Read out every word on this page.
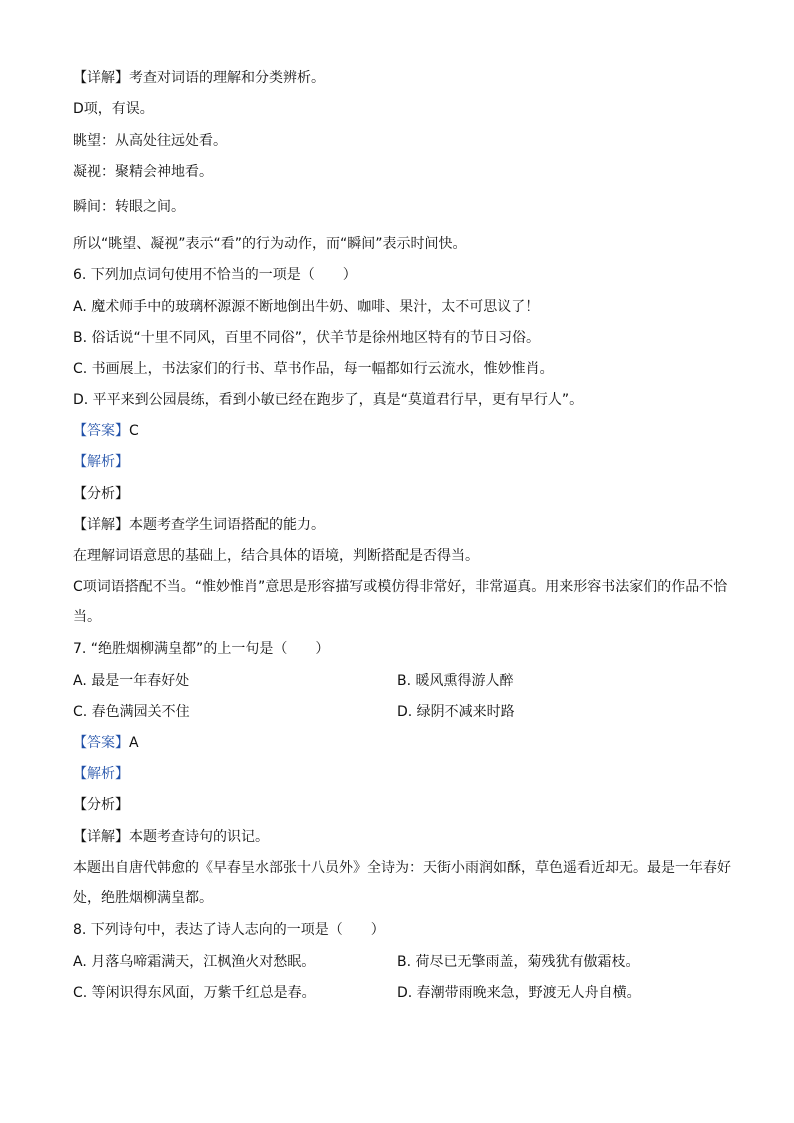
【详解】考查对词语的理解和分类辨析。
D项，有误。
眺望：从高处往远处看。
凝视：聚精会神地看。
瞬间：转眼之间。
所以“眺望、凝视”表示“看”的行为动作，而“瞬间”表示时间快。
6. 下列加点词句使用不恰当的一项是（　　）
A. 魔术师手中的玻璃杯源源不断地倒出牛奶、咖啡、果汁，太不可思议了！
B. 俗话说“十里不同风，百里不同俗”，伏羊节是徐州地区特有的节日习俗。
C. 书画展上，书法家们的行书、草书作品，每一幅都如行云流水，惟妙惟肖。
D. 平平来到公园晨练，看到小敏已经在跑步了，真是“莫道君行早，更有早行人”。
【答案】C
【解析】
【分析】
【详解】本题考查学生词语搭配的能力。
在理解词语意思的基础上，结合具体的语境，判断搭配是否得当。
C项词语搭配不当。“惟妙惟肖”意思是形容描写或模仿得非常好，非常逼真。用来形容书法家们的作品不恰当。
7. “绝胜烟柳满皇都”的上一句是（　　）
A. 最是一年春好处	B. 暖风熏得游人醉
C. 春色满园关不住	D. 绿阴不减来时路
【答案】A
【解析】
【分析】
【详解】本题考查诗句的识记。
本题出自唐代韩愈的《早春呈水部张十八员外》全诗为：天街小雨润如酥，草色遥看近却无。最是一年春好处，绝胜烟柳满皇都。
8. 下列诗句中，表达了诗人志向的一项是（　　）
A. 月落乌啼霜满天，江枫渔火对愁眠。	B. 荷尽已无擎雨盖，菊残犹有傲霜枝。
C. 等闲识得东风面，万紫千红总是春。	D. 春潮带雨晚来急，野渡无人舟自横。
